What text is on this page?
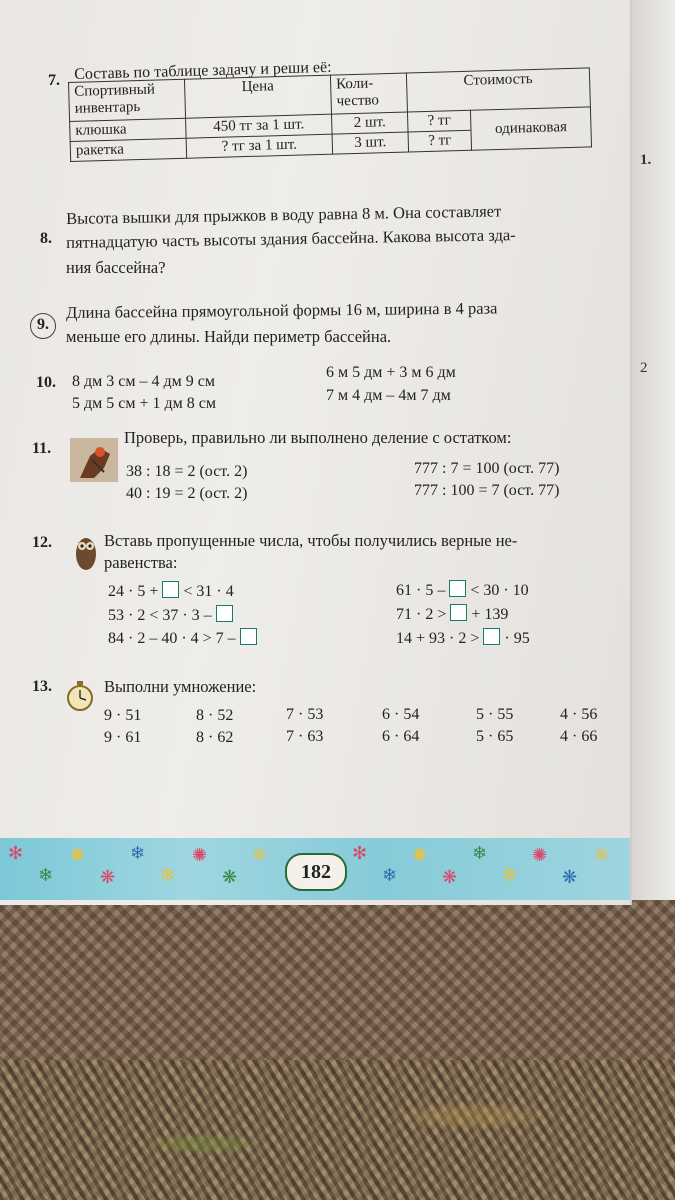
1.
2
7. Составь по таблице задачу и реши её:
Спортивный инвентарь	Цена	Коли-чество	Стоимость	
клюшка	450 тг за 1 шт.	2 шт.	? тг	одинаковая
ракетка	? тг за 1 шт.	3 шт.	? тг	
8.
Высота вышки для прыжков в воду равна 8 м. Она составляет
пятнадцатую часть высоты здания бассейна. Какова высота зда-
ния бассейна?
9.
Длина бассейна прямоугольной формы 16 м, ширина в 4 раза
меньше его длины. Найди периметр бассейна.
10. 8 дм 3 см – 4 дм 9 см
5 дм 5 см + 1 дм 8 см
6 м 5 дм + 3 м 6 дм
7 м 4 дм – 4м 7 дм
11.
Проверь, правильно ли выполнено деление с остатком:
38 : 18 = 2 (ост. 2)
40 : 19 = 2 (ост. 2)
777 : 7 = 100 (ост. 77)
777 : 100 = 7 (ост. 77)
12.	Вставь пропущенные числа, чтобы получились верные не-
равенства:
24 · 5 + < 31 · 4
53 · 2 < 37 · 3 –
84 · 2 – 40 · 4 > 7 –
61 · 5 – < 30 · 10
71 · 2 > + 139
14 + 93 · 2 > · 95
13.	Выполни умножение:
9 · 51	8 · 52	7 · 53	6 · 54	5 · 55	4 · 56
9 · 61	8 · 62	7 · 63	6 · 64	5 · 65	4 · 66
✻
❄
✺
❋
❄
✻
✺
❋
❄	✻
❄
✺
❋
❄
✻
✺
❋
❄
182
